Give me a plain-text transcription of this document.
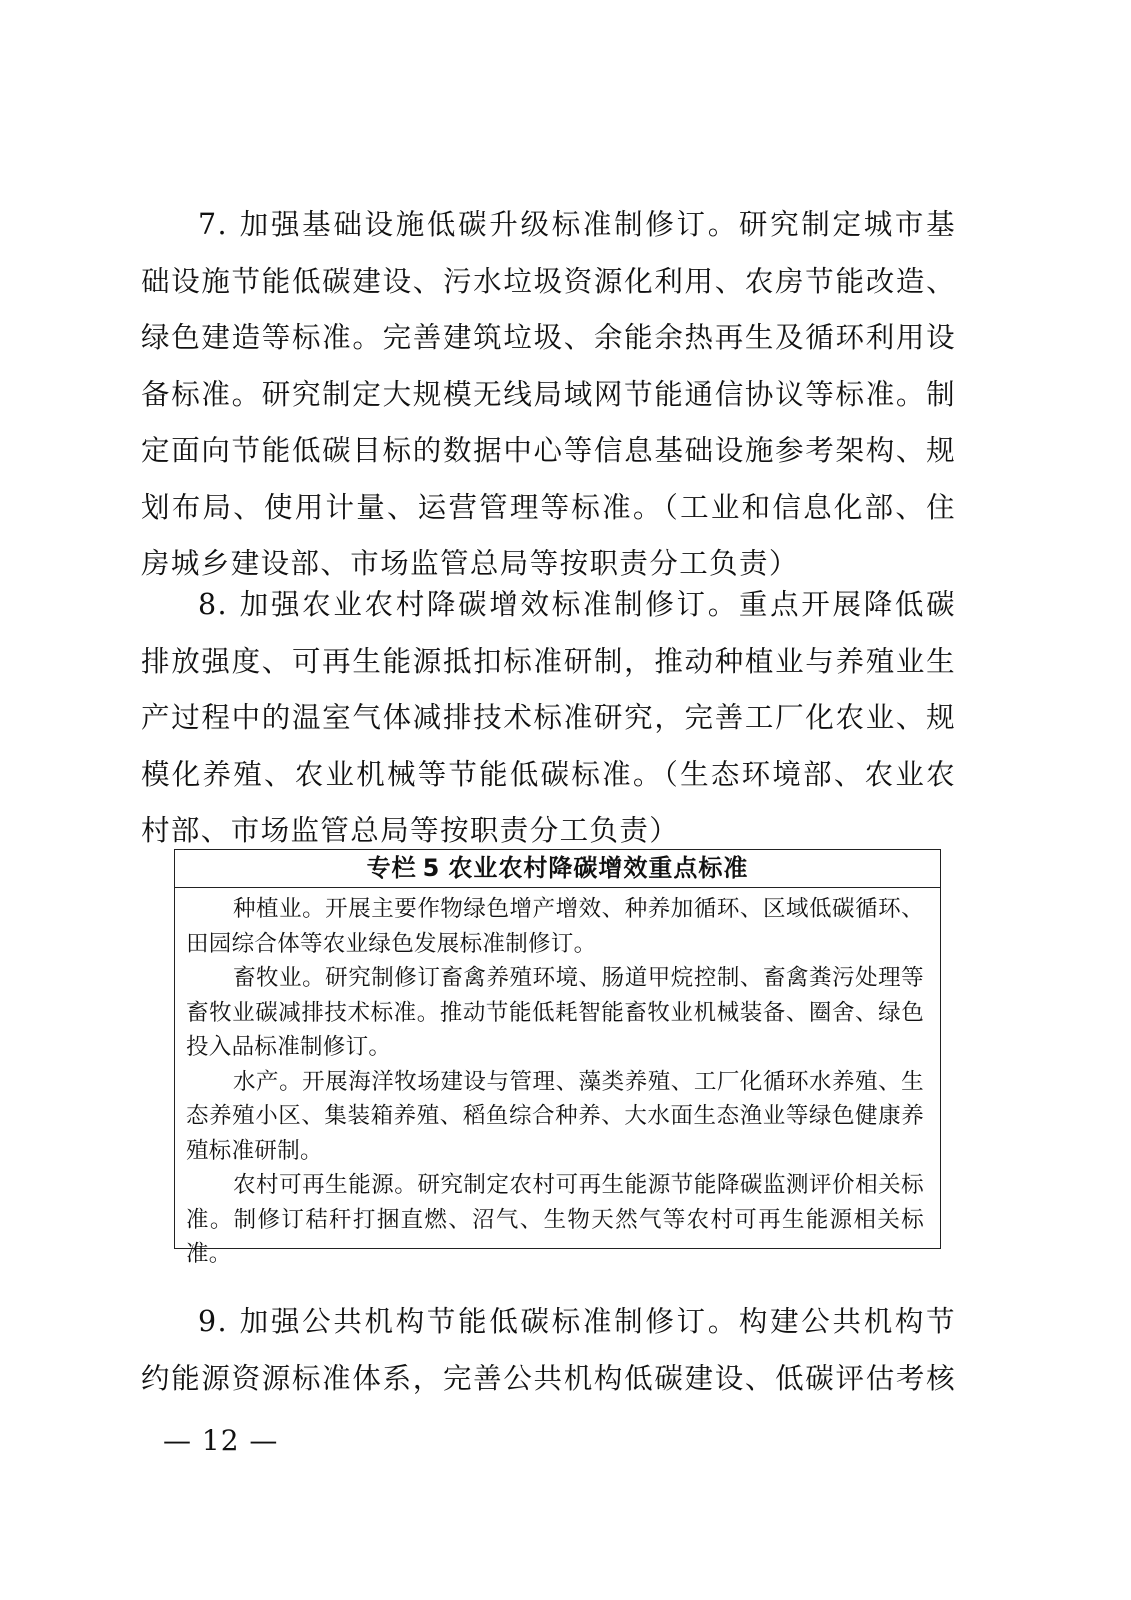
7. 加强基础设施低碳升级标准制修订。研究制定城市基础设施节能低碳建设、污水垃圾资源化利用、农房节能改造、绿色建造等标准。完善建筑垃圾、余能余热再生及循环利用设备标准。研究制定大规模无线局域网节能通信协议等标准。制定面向节能低碳目标的数据中心等信息基础设施参考架构、规划布局、使用计量、运营管理等标准。（工业和信息化部、住房城乡建设部、市场监管总局等按职责分工负责）

8. 加强农业农村降碳增效标准制修订。重点开展降低碳排放强度、可再生能源抵扣标准研制，推动种植业与养殖业生产过程中的温室气体减排技术标准研究，完善工厂化农业、规模化养殖、农业机械等节能低碳标准。（生态环境部、农业农村部、市场监管总局等按职责分工负责）

专栏 5 农业农村降碳增效重点标准

种植业。开展主要作物绿色增产增效、种养加循环、区域低碳循环、田园综合体等农业绿色发展标准制修订。

畜牧业。研究制修订畜禽养殖环境、肠道甲烷控制、畜禽粪污处理等畜牧业碳减排技术标准。推动节能低耗智能畜牧业机械装备、圈舍、绿色投入品标准制修订。

水产。开展海洋牧场建设与管理、藻类养殖、工厂化循环水养殖、生态养殖小区、集装箱养殖、稻鱼综合种养、大水面生态渔业等绿色健康养殖标准研制。

农村可再生能源。研究制定农村可再生能源节能降碳监测评价相关标准。制修订秸秆打捆直燃、沼气、生物天然气等农村可再生能源相关标准。

9. 加强公共机构节能低碳标准制修订。构建公共机构节约能源资源标准体系，完善公共机构低碳建设、低碳评估考核

— 12 —
